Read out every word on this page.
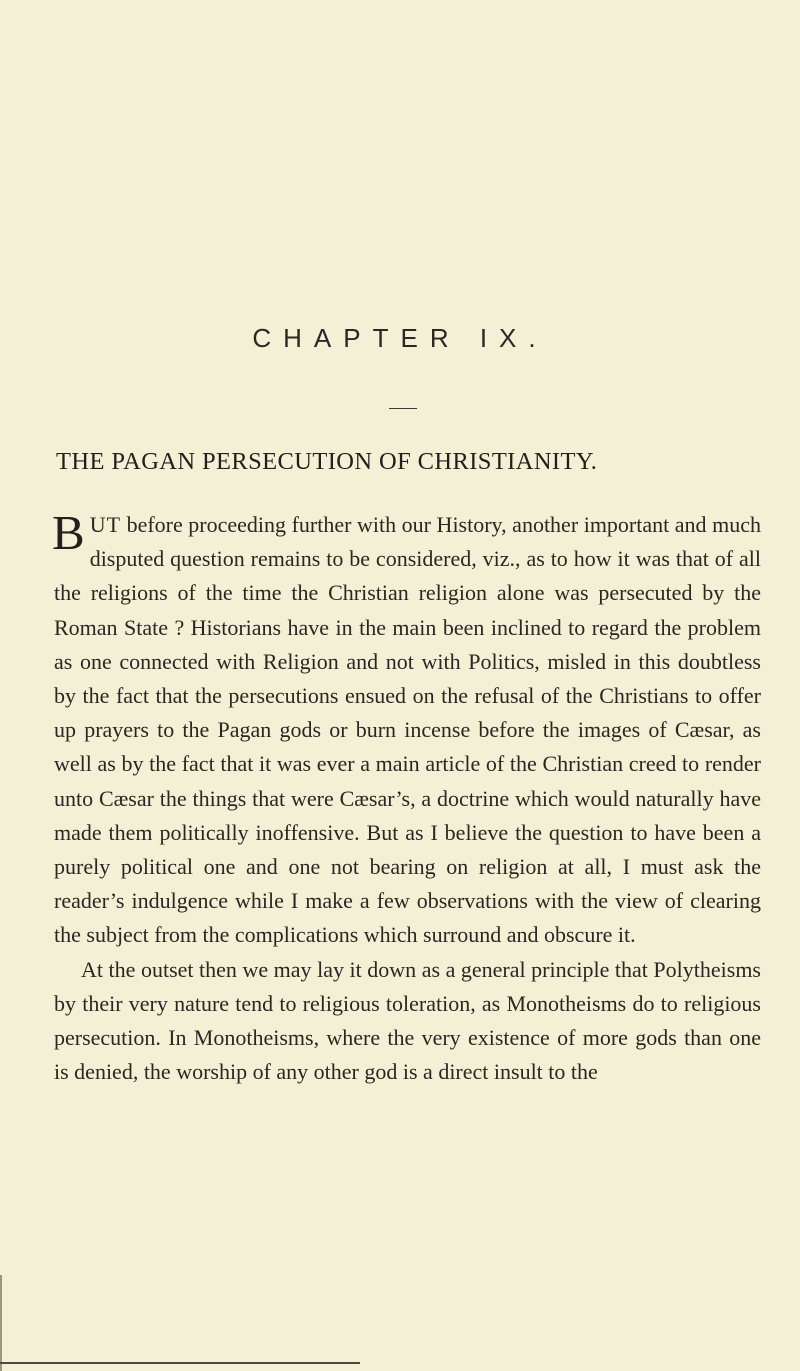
CHAPTER IX.
THE PAGAN PERSECUTION OF CHRISTIANITY.

BUT before proceeding further with our History, another important and much disputed question remains to be considered, viz., as to how it was that of all the religions of the time the Christian religion alone was persecuted by the Roman State ? Historians have in the main been inclined to regard the problem as one connected with Religion and not with Politics, misled in this doubtless by the fact that the persecutions ensued on the refusal of the Christians to offer up prayers to the Pagan gods or burn incense before the images of Cæsar, as well as by the fact that it was ever a main article of the Christian creed to render unto Cæsar the things that were Cæsar’s, a doctrine which would naturally have made them politically inoffensive. But as I believe the question to have been a purely political one and one not bearing on religion at all, I must ask the reader’s indulgence while I make a few observations with the view of clearing the subject from the complications which surround and obscure it.

At the outset then we may lay it down as a general principle that Polytheisms by their very nature tend to religious toleration, as Monotheisms do to religious persecution. In Monotheisms, where the very existence of more gods than one is denied, the worship of any other god is a direct insult to the
